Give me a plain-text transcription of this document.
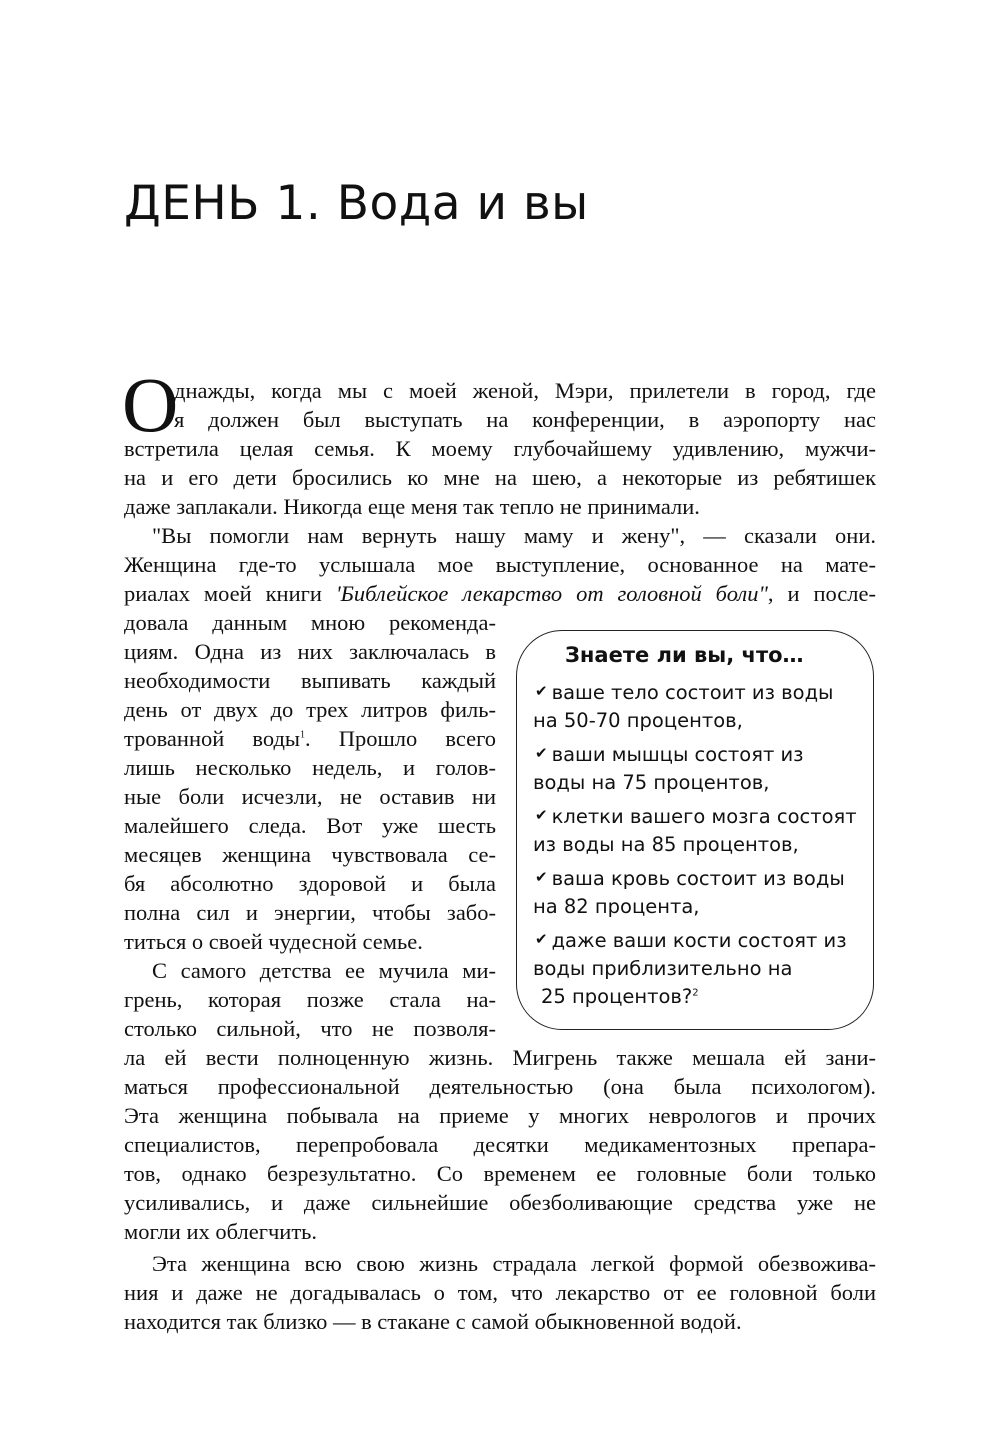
ДЕНЬ 1. Вода и вы
О
днажды, когда мы с моей женой, Мэри, прилетели в город, где
я должен был выступать на конференции, в аэропорту нас
встретила целая семья. К моему глубочайшему удивлению, мужчи-
на и его дети бросились ко мне на шею, а некоторые из ребятишек
даже заплакали. Никогда еще меня так тепло не принимали.
"Вы помогли нам вернуть нашу маму и жену", — сказали они.
Женщина где-то услышала мое выступление, основанное на мате-
риалах моей книги 'Библейское лекарство от головной боли", и после-
довала данным мною рекоменда-
циям. Одна из них заключалась в
необходимости выпивать каждый
день от двух до трех литров филь-
трованной воды$^1$. Прошло всего
лишь несколько недель, и голов-
ные боли исчезли, не оставив ни
малейшего следа. Вот уже шесть
месяцев женщина чувствовала се-
бя абсолютно здоровой и была
полна сил и энергии, чтобы забо-
титься о своей чудесной семье.
С самого детства ее мучила ми-
грень, которая позже стала на-
столько сильной, что не позволя-
ла ей вести полноценную жизнь. Мигрень также мешала ей зани-
маться профессиональной деятельностью (она была психологом).
Эта женщина побывала на приеме у многих неврологов и прочих
специалистов, перепробовала десятки медикаментозных препара-
тов, однако безрезультатно. Со временем ее головные боли только
усиливались, и даже сильнейшие обезболивающие средства уже не
могли их облегчить.
Эта женщина всю свою жизнь страдала легкой формой обезвожива-
ния и даже не догадывалась о том, что лекарство от ее головной боли
находится так близко — в стакане с самой обыкновенной водой.
Знаете ли вы, что…
✔ ваше тело состоит из воды
на 50-70 процентов,
✔ ваши мышцы состоят из
воды на 75 процентов,
✔ клетки вашего мозга состоят
из воды на 85 процентов,
✔ ваша кровь состоит из воды
на 82 процента,
✔ даже ваши кости состоят из
воды приблизительно на
25 процентов?$^2$
